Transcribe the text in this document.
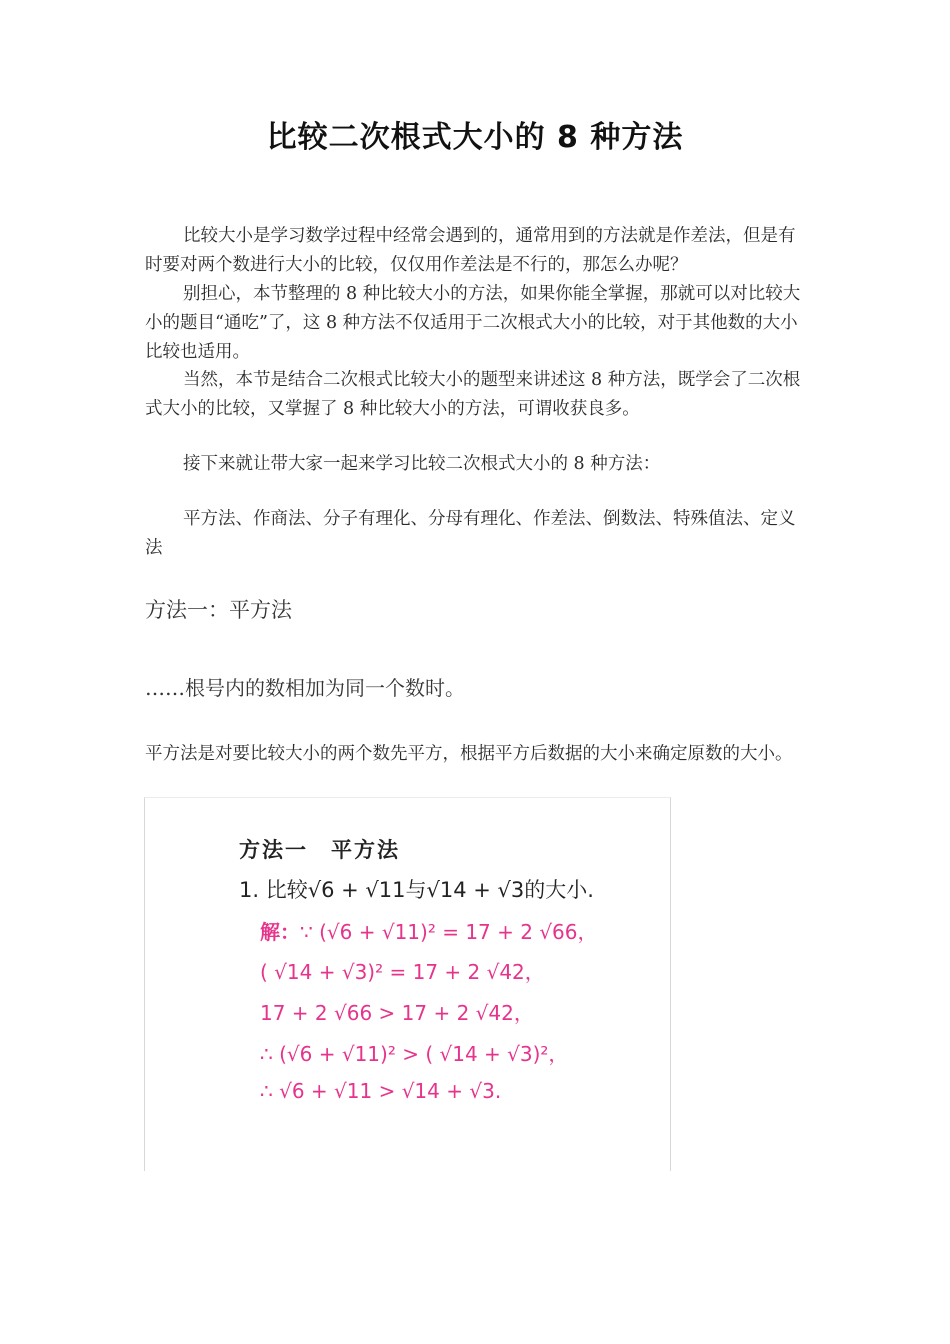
比较二次根式大小的 8 种方法
比较大小是学习数学过程中经常会遇到的，通常用到的方法就是作差法，但是有时要对两个数进行大小的比较，仅仅用作差法是不行的，那怎么办呢？
别担心，本节整理的 8 种比较大小的方法，如果你能全掌握，那就可以对比较大小的题目“通吃”了，这 8 种方法不仅适用于二次根式大小的比较，对于其他数的大小比较也适用。
当然，本节是结合二次根式比较大小的题型来讲述这 8 种方法，既学会了二次根式大小的比较，又掌握了 8 种比较大小的方法，可谓收获良多。
接下来就让带大家一起来学习比较二次根式大小的 8 种方法：
平方法、作商法、分子有理化、分母有理化、作差法、倒数法、特殊值法、定义法
方法一：平方法
……根号内的数相加为同一个数时。
平方法是对要比较大小的两个数先平方，根据平方后数据的大小来确定原数的大小。
方法一　平方法
1. 比较√6 + √11与√14 + √3的大小.
解：∵ (√6 + √11)² = 17 + 2 √66，
( √14 + √3)² = 17 + 2 √42，
17 + 2 √66 > 17 + 2 √42，
∴ (√6 + √11)² > ( √14 + √3)²，
∴ √6 + √11 > √14 + √3.
